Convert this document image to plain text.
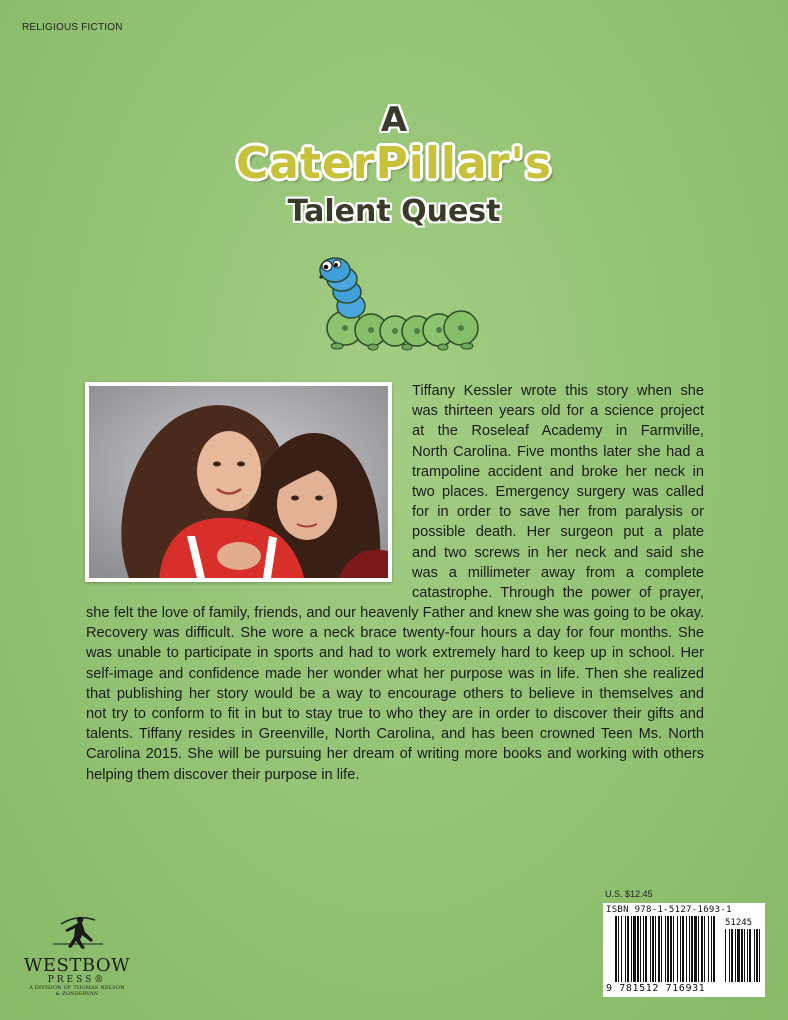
RELIGIOUS FICTION
A
CaterPillar's
Talent Quest
Tiffany Kessler wrote this story when she
was thirteen years old for a science project
at the Roseleaf Academy in Farmville,
North Carolina. Five months later she had a
trampoline accident and broke her neck in
two places. Emergency surgery was called
for in order to save her from paralysis or
possible death. Her surgeon put a plate
and two screws in her neck and said she
was a millimeter away from a complete
catastrophe. Through the power of prayer,
she felt the love of family, friends, and our heavenly Father and knew she was going to be okay.
Recovery was difficult. She wore a neck brace twenty-four hours a day for four months. She
was unable to participate in sports and had to work extremely hard to keep up in school. Her
self-image and confidence made her wonder what her purpose was in life. Then she realized
that publishing her story would be a way to encourage others to believe in themselves and
not try to conform to fit in but to stay true to who they are in order to discover their gifts and
talents. Tiffany resides in Greenville, North Carolina, and has been crowned Teen Ms. North
Carolina 2015. She will be pursuing her dream of writing more books and working with others
helping them discover their purpose in life.
WESTBOW
PRESS®
A DIVISION OF THOMAS NELSON
& ZONDERVAN
U.S. $12.45
ISBN 978-1-5127-1693-1
51245
9 781512 716931
